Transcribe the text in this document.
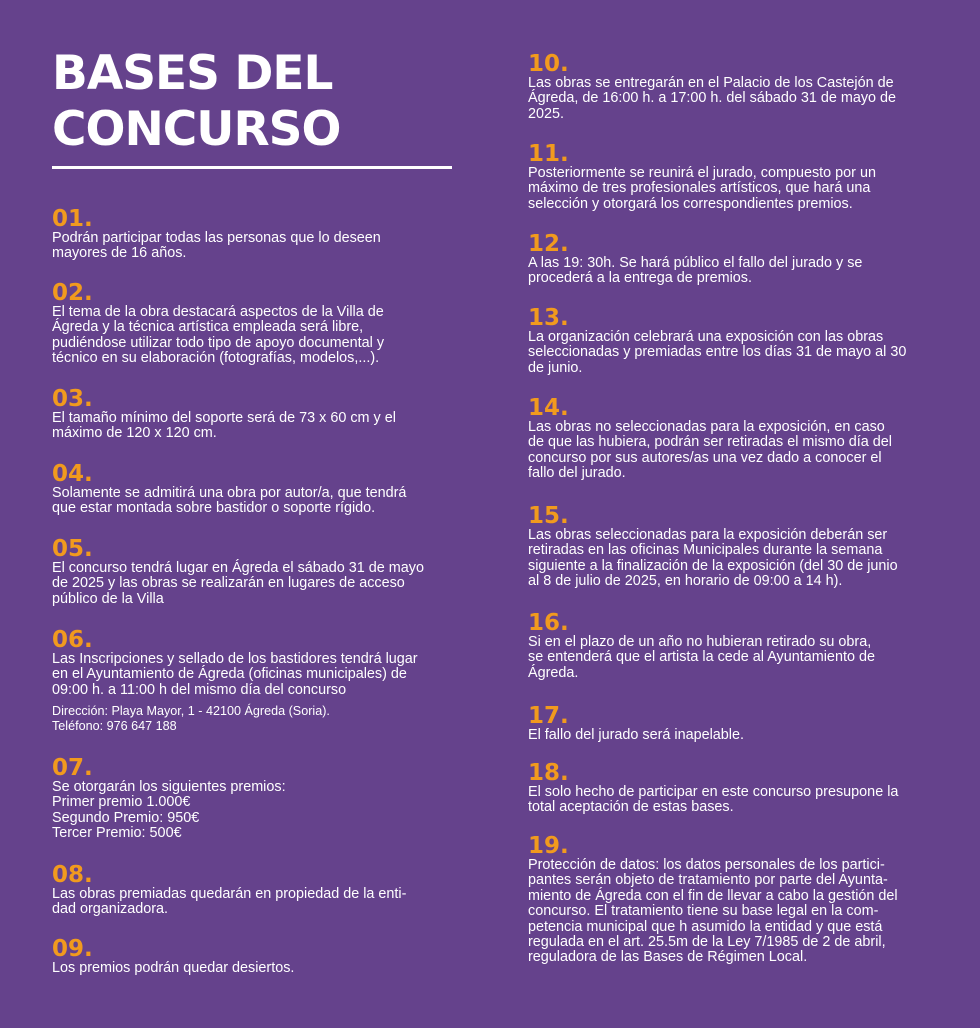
BASES DEL
CONCURSO
01.
Podrán participar todas las personas que lo deseen
mayores de 16 años.
02.
El tema de la obra destacará aspectos de la Villa de
Ágreda y la técnica artística empleada será libre,
pudiéndose utilizar todo tipo de apoyo documental y
técnico en su elaboración (fotografías, modelos,...).
03.
El tamaño mínimo del soporte será de 73 x 60 cm y el
máximo de 120 x 120 cm.
04.
Solamente se admitirá una obra por autor/a, que tendrá
que estar montada sobre bastidor o soporte rígido.
05.
El concurso tendrá lugar en Ágreda el sábado 31 de mayo
de 2025 y las obras se realizarán en lugares de acceso
público de la Villa
06.
Las Inscripciones y sellado de los bastidores tendrá lugar
en el Ayuntamiento de Ágreda (oficinas municipales) de
09:00 h. a 11:00 h del mismo día del concurso
Dirección: Playa Mayor, 1 - 42100 Ágreda (Soria).
Teléfono: 976 647 188
07.
Se otorgarán los siguientes premios:
Primer premio 1.000€
Segundo Premio: 950€
Tercer Premio: 500€
08.
Las obras premiadas quedarán en propiedad de la enti-
dad organizadora.
09.
Los premios podrán quedar desiertos.
10.
Las obras se entregarán en el Palacio de los Castejón de
Ágreda, de 16:00 h. a 17:00 h. del sábado 31 de mayo de
2025.
11.
Posteriormente se reunirá el jurado, compuesto por un
máximo de tres profesionales artísticos, que hará una
selección y otorgará los correspondientes premios.
12.
A las 19: 30h. Se hará público el fallo del jurado y se
procederá a la entrega de premios.
13.
La organización celebrará una exposición con las obras
seleccionadas y premiadas entre los días 31 de mayo al 30
de junio.
14.
Las obras no seleccionadas para la exposición, en caso
de que las hubiera, podrán ser retiradas el mismo día del
concurso por sus autores/as una vez dado a conocer el
fallo del jurado.
15.
Las obras seleccionadas para la exposición deberán ser
retiradas en las oficinas Municipales durante la semana
siguiente a la finalización de la exposición (del 30 de junio
al 8 de julio de 2025, en horario de 09:00 a 14 h).
16.
Si en el plazo de un año no hubieran retirado su obra,
se entenderá que el artista la cede al Ayuntamiento de
Ágreda.
17.
El fallo del jurado será inapelable.
18.
El solo hecho de participar en este concurso presupone la
total aceptación de estas bases.
19.
Protección de datos: los datos personales de los partici-
pantes serán objeto de tratamiento por parte del Ayunta-
miento de Ágreda con el fin de llevar a cabo la gestión del
concurso. El tratamiento tiene su base legal en la com-
petencia municipal que h asumido la entidad y que está
regulada en el art. 25.5m de la Ley 7/1985 de 2 de abril,
reguladora de las Bases de Régimen Local.
